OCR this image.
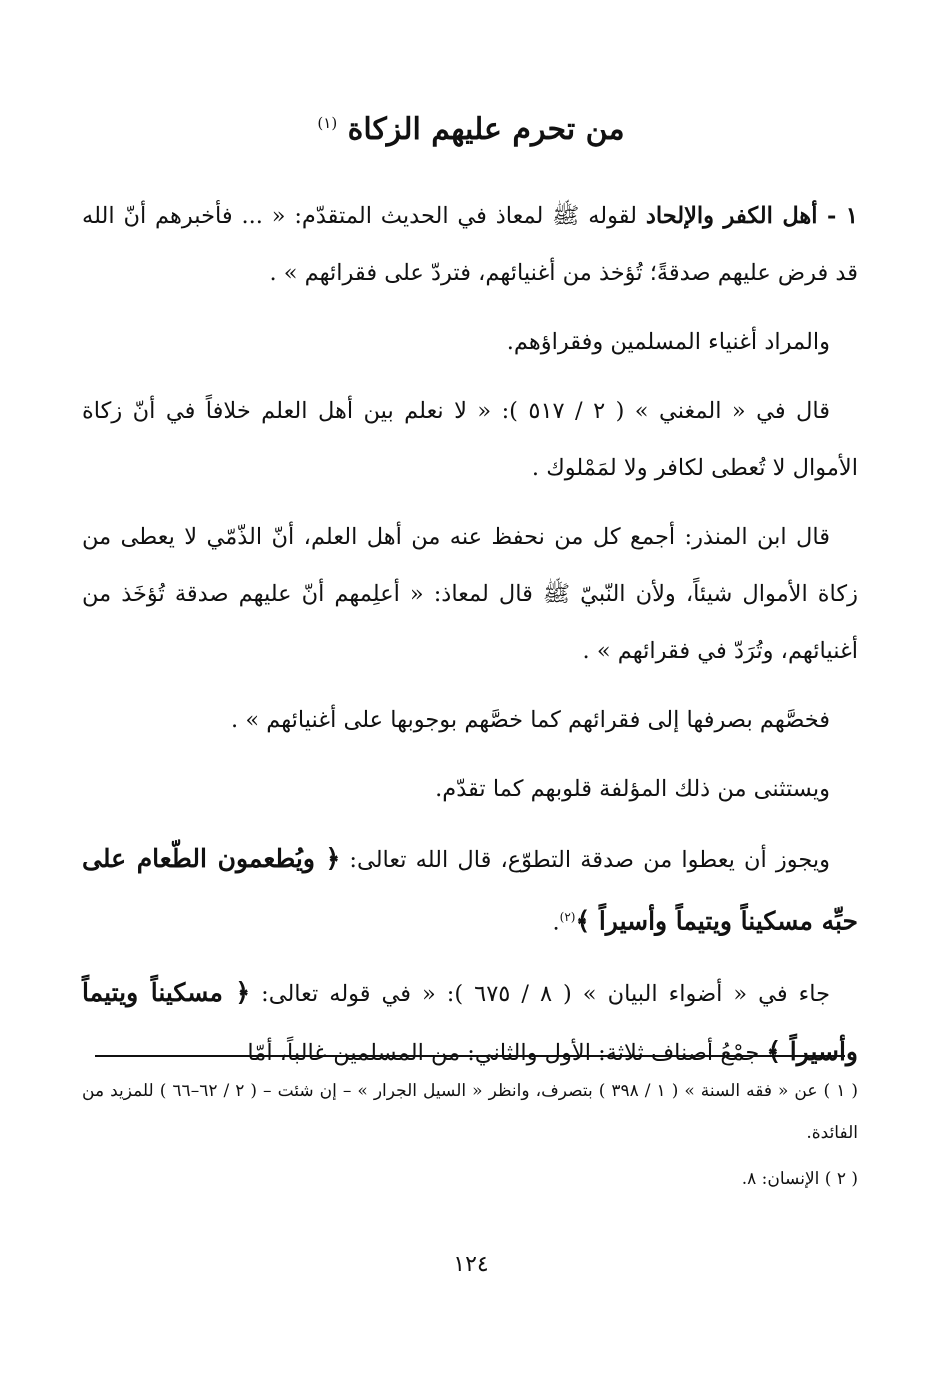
من تحرم عليهم الزكاة $^{(١)}$

١ - أهل الكفر والإلحاد لقوله ﷺ لمعاذ في الحديث المتقدّم: « ... فأخبرهم أنّ الله قد فرض عليهم صدقةً؛ تُؤخذ من أغنيائهم، فتردّ على فقرائهم » .

والمراد أغنياء المسلمين وفقراؤهم.

قال في « المغني » ( ٢ / ٥١٧ ): « لا نعلم بين أهل العلم خلافاً في أنّ زكاة الأموال لا تُعطى لكافر ولا لمَمْلوك .

قال ابن المنذر: أجمع كل من نحفظ عنه من أهل العلم، أنّ الذّمّي لا يعطى من زكاة الأموال شيئاً، ولأن النّبيّ ﷺ قال لمعاذ: « أعلِمهم أنّ عليهم صدقة تُؤخَذ من أغنيائهم، وتُرَدّ في فقرائهم » .

فخصَّهم بصرفها إلى فقرائهم كما خصَّهم بوجوبها على أغنيائهم » .

ويستثنى من ذلك المؤلفة قلوبهم كما تقدّم.

ويجوز أن يعطوا من صدقة التطوّع، قال الله تعالى: ﴿ ويُطعمون الطّعام على حبِّه مسكيناً ويتيماً وأسيراً ﴾$^{(٢)}$.

جاء في « أضواء البيان » ( ٨ / ٦٧٥ ): « في قوله تعالى: ﴿ مسكيناً ويتيماً وأسيراً ﴾ جمْعُ أصناف ثلاثة: الأول والثاني: من المسلمين غالباً، أمّا

( ١ ) عن « فقه السنة » ( ١ / ٣٩٨ ) بتصرف، وانظر « السيل الجرار » – إن شئت – ( ٢ / ٦٢–٦٦ ) للمزيد من الفائدة.

( ٢ ) الإنسان: ٨.

١٢٤
